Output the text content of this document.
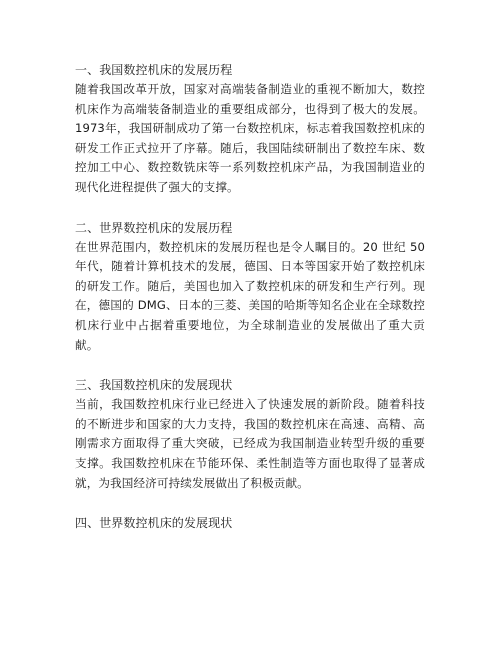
一、我国数控机床的发展历程

随着我国改革开放，国家对高端装备制造业的重视不断加大，数控机床作为高端装备制造业的重要组成部分，也得到了极大的发展。1973年，我国研制成功了第一台数控机床，标志着我国数控机床的研发工作正式拉开了序幕。随后，我国陆续研制出了数控车床、数控加工中心、数控数铣床等一系列数控机床产品，为我国制造业的现代化进程提供了强大的支撑。

二、世界数控机床的发展历程

在世界范围内，数控机床的发展历程也是令人瞩目的。20 世纪 50 年代，随着计算机技术的发展，德国、日本等国家开始了数控机床的研发工作。随后，美国也加入了数控机床的研发和生产行列。现在，德国的 DMG、日本的三菱、美国的哈斯等知名企业在全球数控机床行业中占据着重要地位，为全球制造业的发展做出了重大贡献。

三、我国数控机床的发展现状

当前，我国数控机床行业已经进入了快速发展的新阶段。随着科技的不断进步和国家的大力支持，我国的数控机床在高速、高精、高刚需求方面取得了重大突破，已经成为我国制造业转型升级的重要支撑。我国数控机床在节能环保、柔性制造等方面也取得了显著成就，为我国经济可持续发展做出了积极贡献。

四、世界数控机床的发展现状
